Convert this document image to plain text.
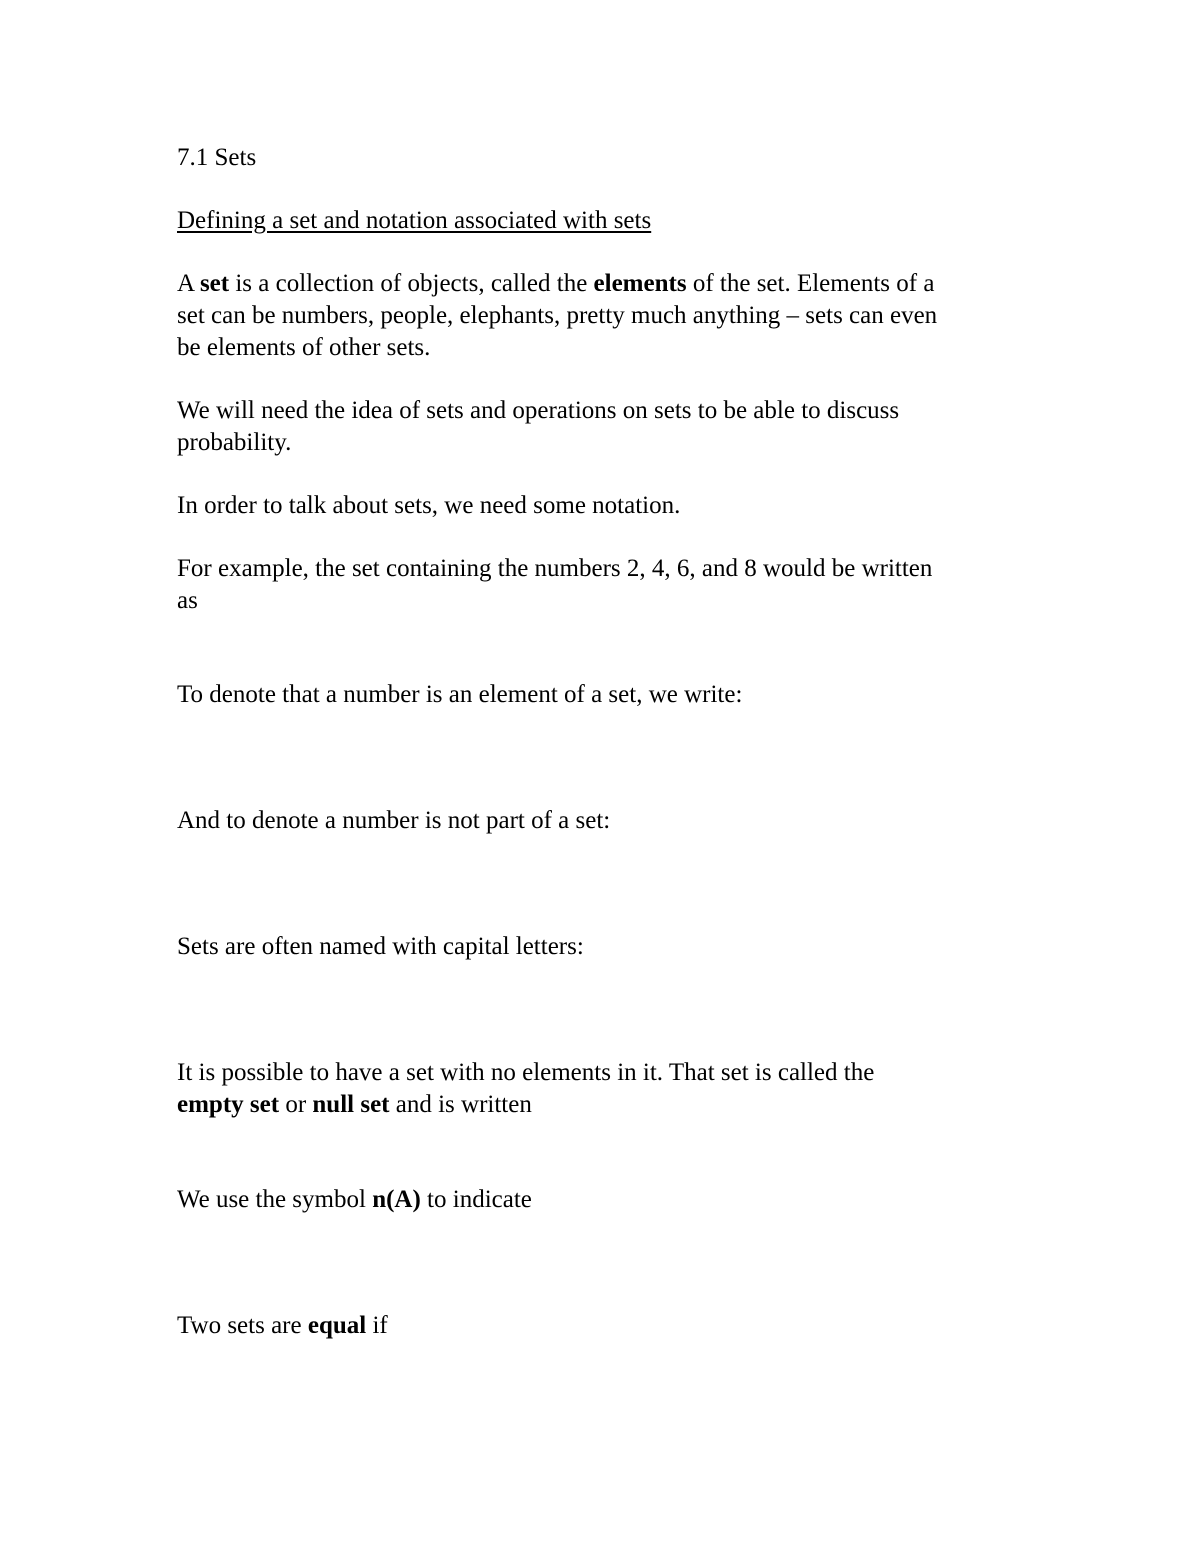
7.1 Sets
Defining a set and notation associated with sets
A set is a collection of objects, called the elements of the set. Elements of a
set can be numbers, people, elephants, pretty much anything – sets can even
be elements of other sets.
We will need the idea of sets and operations on sets to be able to discuss
probability.
In order to talk about sets, we need some notation.
For example, the set containing the numbers 2, 4, 6, and 8 would be written
as
To denote that a number is an element of a set, we write:
And to denote a number is not part of a set:
Sets are often named with capital letters:
It is possible to have a set with no elements in it. That set is called the
empty set or null set and is written
We use the symbol n(A) to indicate
Two sets are equal if
